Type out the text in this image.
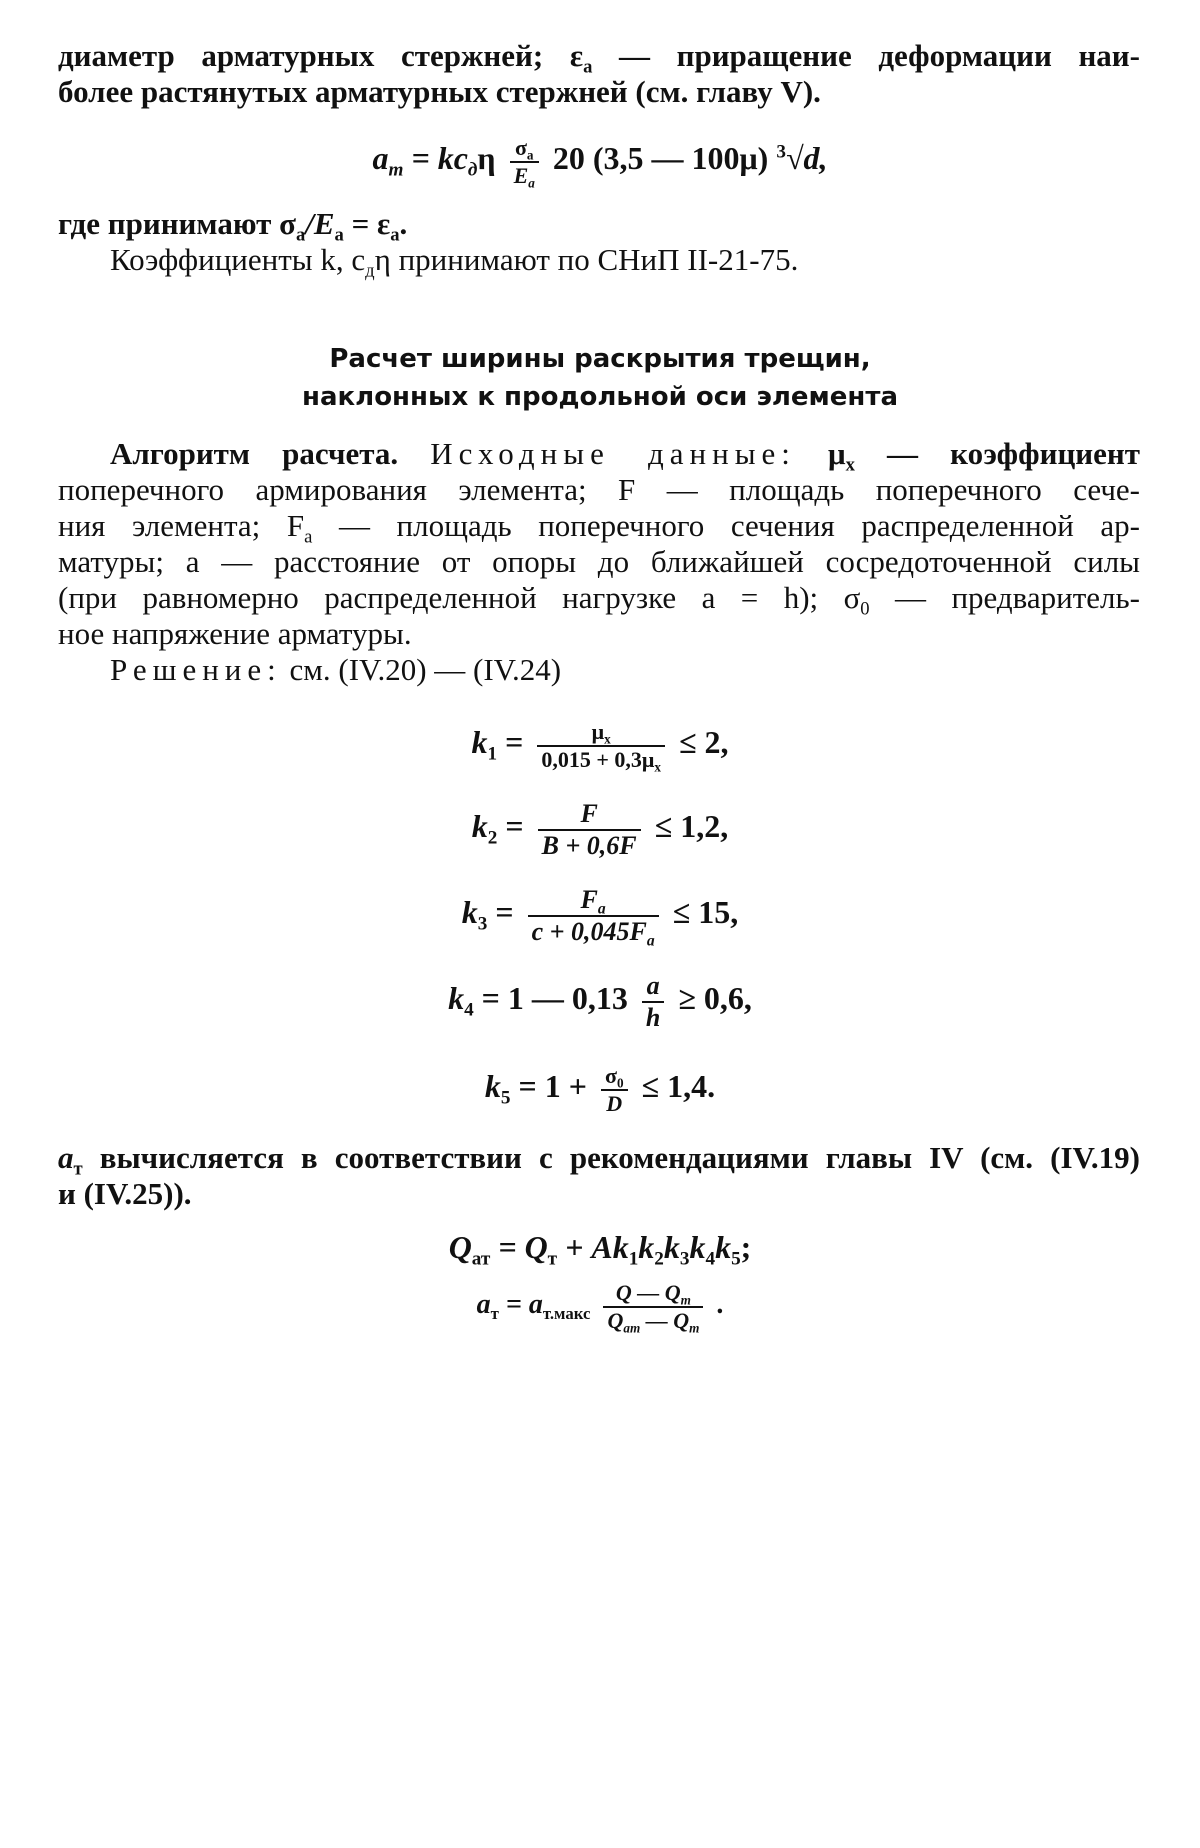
диаметр арматурных стержней; $\varepsilon_а$ — приращение деформации наи-
более растянутых арматурных стержней (см. главу V).
$a_т = kc_д\eta \frac{\sigma_а}{E_а} 20$ (3,5 — 100μ) $^3$√d,
где принимают $\sigma_а/E_а = \varepsilon_а$.
Коэффициенты k, $c_д\eta$ принимают по СНиП II-21-75.
Расчет ширины раскрытия трещин,
наклонных к продольной оси элемента
Алгоритм расчета. Исходные данные: $\mu_х$ — коэффициент
поперечного армирования элемента; F — площадь поперечного сече-
ния элемента; $F_а$ — площадь поперечного сечения распределенной ар-
матуры; a — расстояние от опоры до ближайшей сосредоточенной силы
(при равномерно распределенной нагрузке a = h); $\sigma_0$ — предваритель-
ное напряжение арматуры.
Решение: см. (IV.20) — (IV.24)
$k_1 = \frac{\mu_х}{0,015 + 0,3\mu_х} \le 2$,
$k_2 = \frac{F}{B + 0,6F} \le 1,2$,
$k_3 = \frac{F_а}{c + 0,045F_а} \le 15$,
$k_4 = 1$ — $0,13 \frac{a}{h} \ge 0,6$,
$k_5 = 1 + \frac{\sigma_0}{D} \le 1,4$.
$a_т$ вычисляется в соответствии с рекомендациями главы IV (см. (IV.19)
и (IV.25)).
$Q_{ат} = Q_т + Ak_1k_2k_3k_4k_5$;
$a_т = a_{т.макс} \frac{Q — Q_т}{Q_{ат} — Q_т}$ .
